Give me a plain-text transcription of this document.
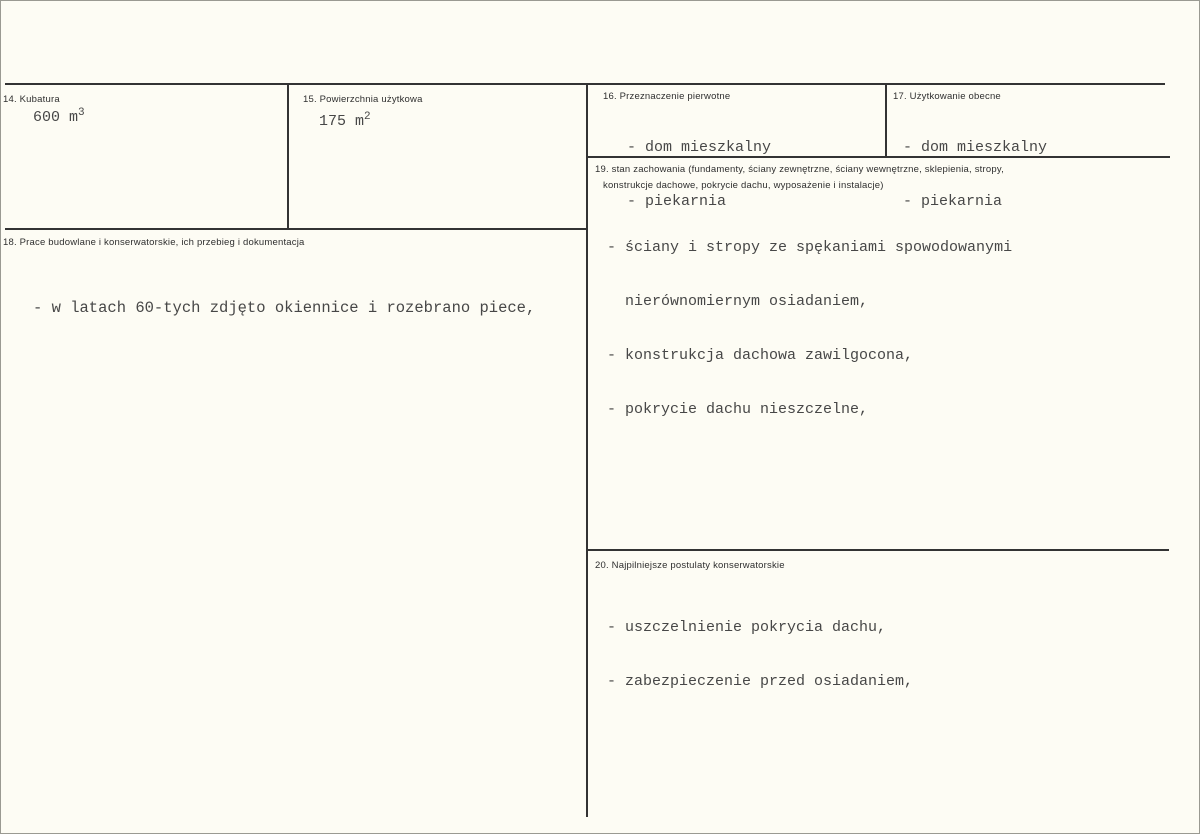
14. Kubatura
600 $m^3$
15. Powierzchnia użytkowa
175 $m^2$
16. Przeznaczenie pierwotne

- dom mieszkalny

- piekarnia

17. Użytkowanie obecne

- dom mieszkalny

- piekarnia

18. Prace budowlane i konserwatorskie, ich przebieg i dokumentacja

- w latach 60-tych zdjęto okiennice i rozebrano piece,

19. stan zachowania (fundamenty, ściany zewnętrzne, ściany wewnętrzne, sklepienia, stropy,
konstrukcje dachowe, pokrycie dachu, wyposażenie i instalacje)

- ściany i stropy ze spękaniami spowodowanymi

nierównomiernym osiadaniem,

- konstrukcja dachowa zawilgocona,

- pokrycie dachu nieszczelne,

20. Najpilniejsze postulaty konserwatorskie

- uszczelnienie pokrycia dachu,

- zabezpieczenie przed osiadaniem,
